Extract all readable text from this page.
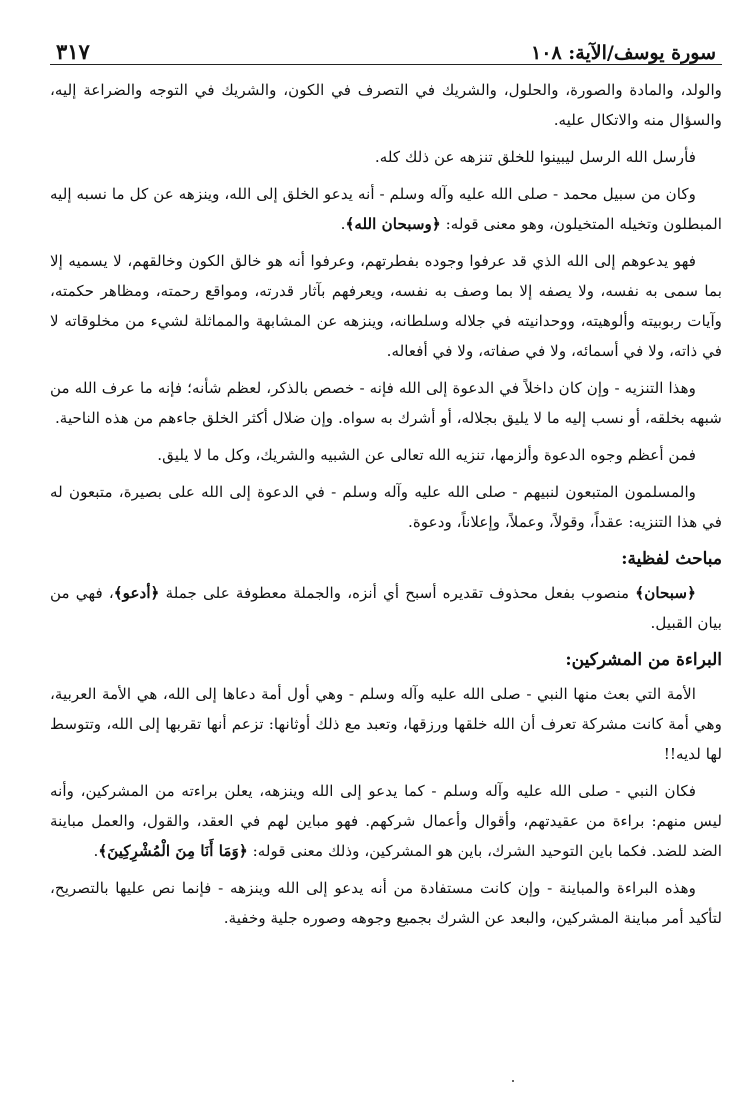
سورة يوسف/الآية: ١٠٨
٣١٧

والولد، والمادة والصورة، والحلول، والشريك في التصرف في الكون، والشريك في التوجه والضراعة إليه، والسؤال منه والاتكال عليه.

فأرسل الله الرسل ليبينوا للخلق تنزهه عن ذلك كله.

وكان من سبيل محمد - صلى الله عليه وآله وسلم - أنه يدعو الخلق إلى الله، وينزهه عن كل ما نسبه إليه المبطلون وتخيله المتخيلون، وهو معنى قوله: ﴿وسبحان الله﴾.

فهو يدعوهم إلى الله الذي قد عرفوا وجوده بفطرتهم، وعرفوا أنه هو خالق الكون وخالقهم، لا يسميه إلا بما سمى به نفسه، ولا يصفه إلا بما وصف به نفسه، ويعرفهم بآثار قدرته، ومواقع رحمته، ومظاهر حكمته، وآيات ربوبيته وألوهيته، ووحدانيته في جلاله وسلطانه، وينزهه عن المشابهة والمماثلة لشيء من مخلوقاته لا في ذاته، ولا في أسمائه، ولا في صفاته، ولا في أفعاله.

وهذا التنزيه - وإن كان داخلاً في الدعوة إلى الله فإنه - خصص بالذكر، لعظم شأنه؛ فإنه ما عرف الله من شبهه بخلقه، أو نسب إليه ما لا يليق بجلاله، أو أشرك به سواه. وإن ضلال أكثر الخلق جاءهم من هذه الناحية.

فمن أعظم وجوه الدعوة وألزمها، تنزيه الله تعالى عن الشبيه والشريك، وكل ما لا يليق.

والمسلمون المتبعون لنبيهم - صلى الله عليه وآله وسلم - في الدعوة إلى الله على بصيرة، متبعون له في هذا التنزيه: عقداً، وقولاً، وعملاً، وإعلاناً، ودعوة.

مباحث لفظية:

﴿سبحان﴾ منصوب بفعل محذوف تقديره أسبح أي أنزه، والجملة معطوفة على جملة ﴿أدعو﴾، فهي من بيان القبيل.

البراءة من المشركين:

الأمة التي بعث منها النبي - صلى الله عليه وآله وسلم - وهي أول أمة دعاها إلى الله، هي الأمة العربية، وهي أمة كانت مشركة تعرف أن الله خلقها ورزقها، وتعبد مع ذلك أوثانها: تزعم أنها تقربها إلى الله، وتتوسط لها لديه!!

فكان النبي - صلى الله عليه وآله وسلم - كما يدعو إلى الله وينزهه، يعلن براءته من المشركين، وأنه ليس منهم: براءة من عقيدتهم، وأقوال وأعمال شركهم. فهو مباين لهم في العقد، والقول، والعمل مباينة الضد للضد. فكما باين التوحيد الشرك، باين هو المشركين، وذلك معنى قوله: ﴿وَمَا أَنَا مِنَ الْمُشْرِكِينَ﴾.

وهذه البراءة والمباينة - وإن كانت مستفادة من أنه يدعو إلى الله وينزهه - فإنما نص عليها بالتصريح، لتأكيد أمر مباينة المشركين، والبعد عن الشرك بجميع وجوهه وصوره جلية وخفية.
